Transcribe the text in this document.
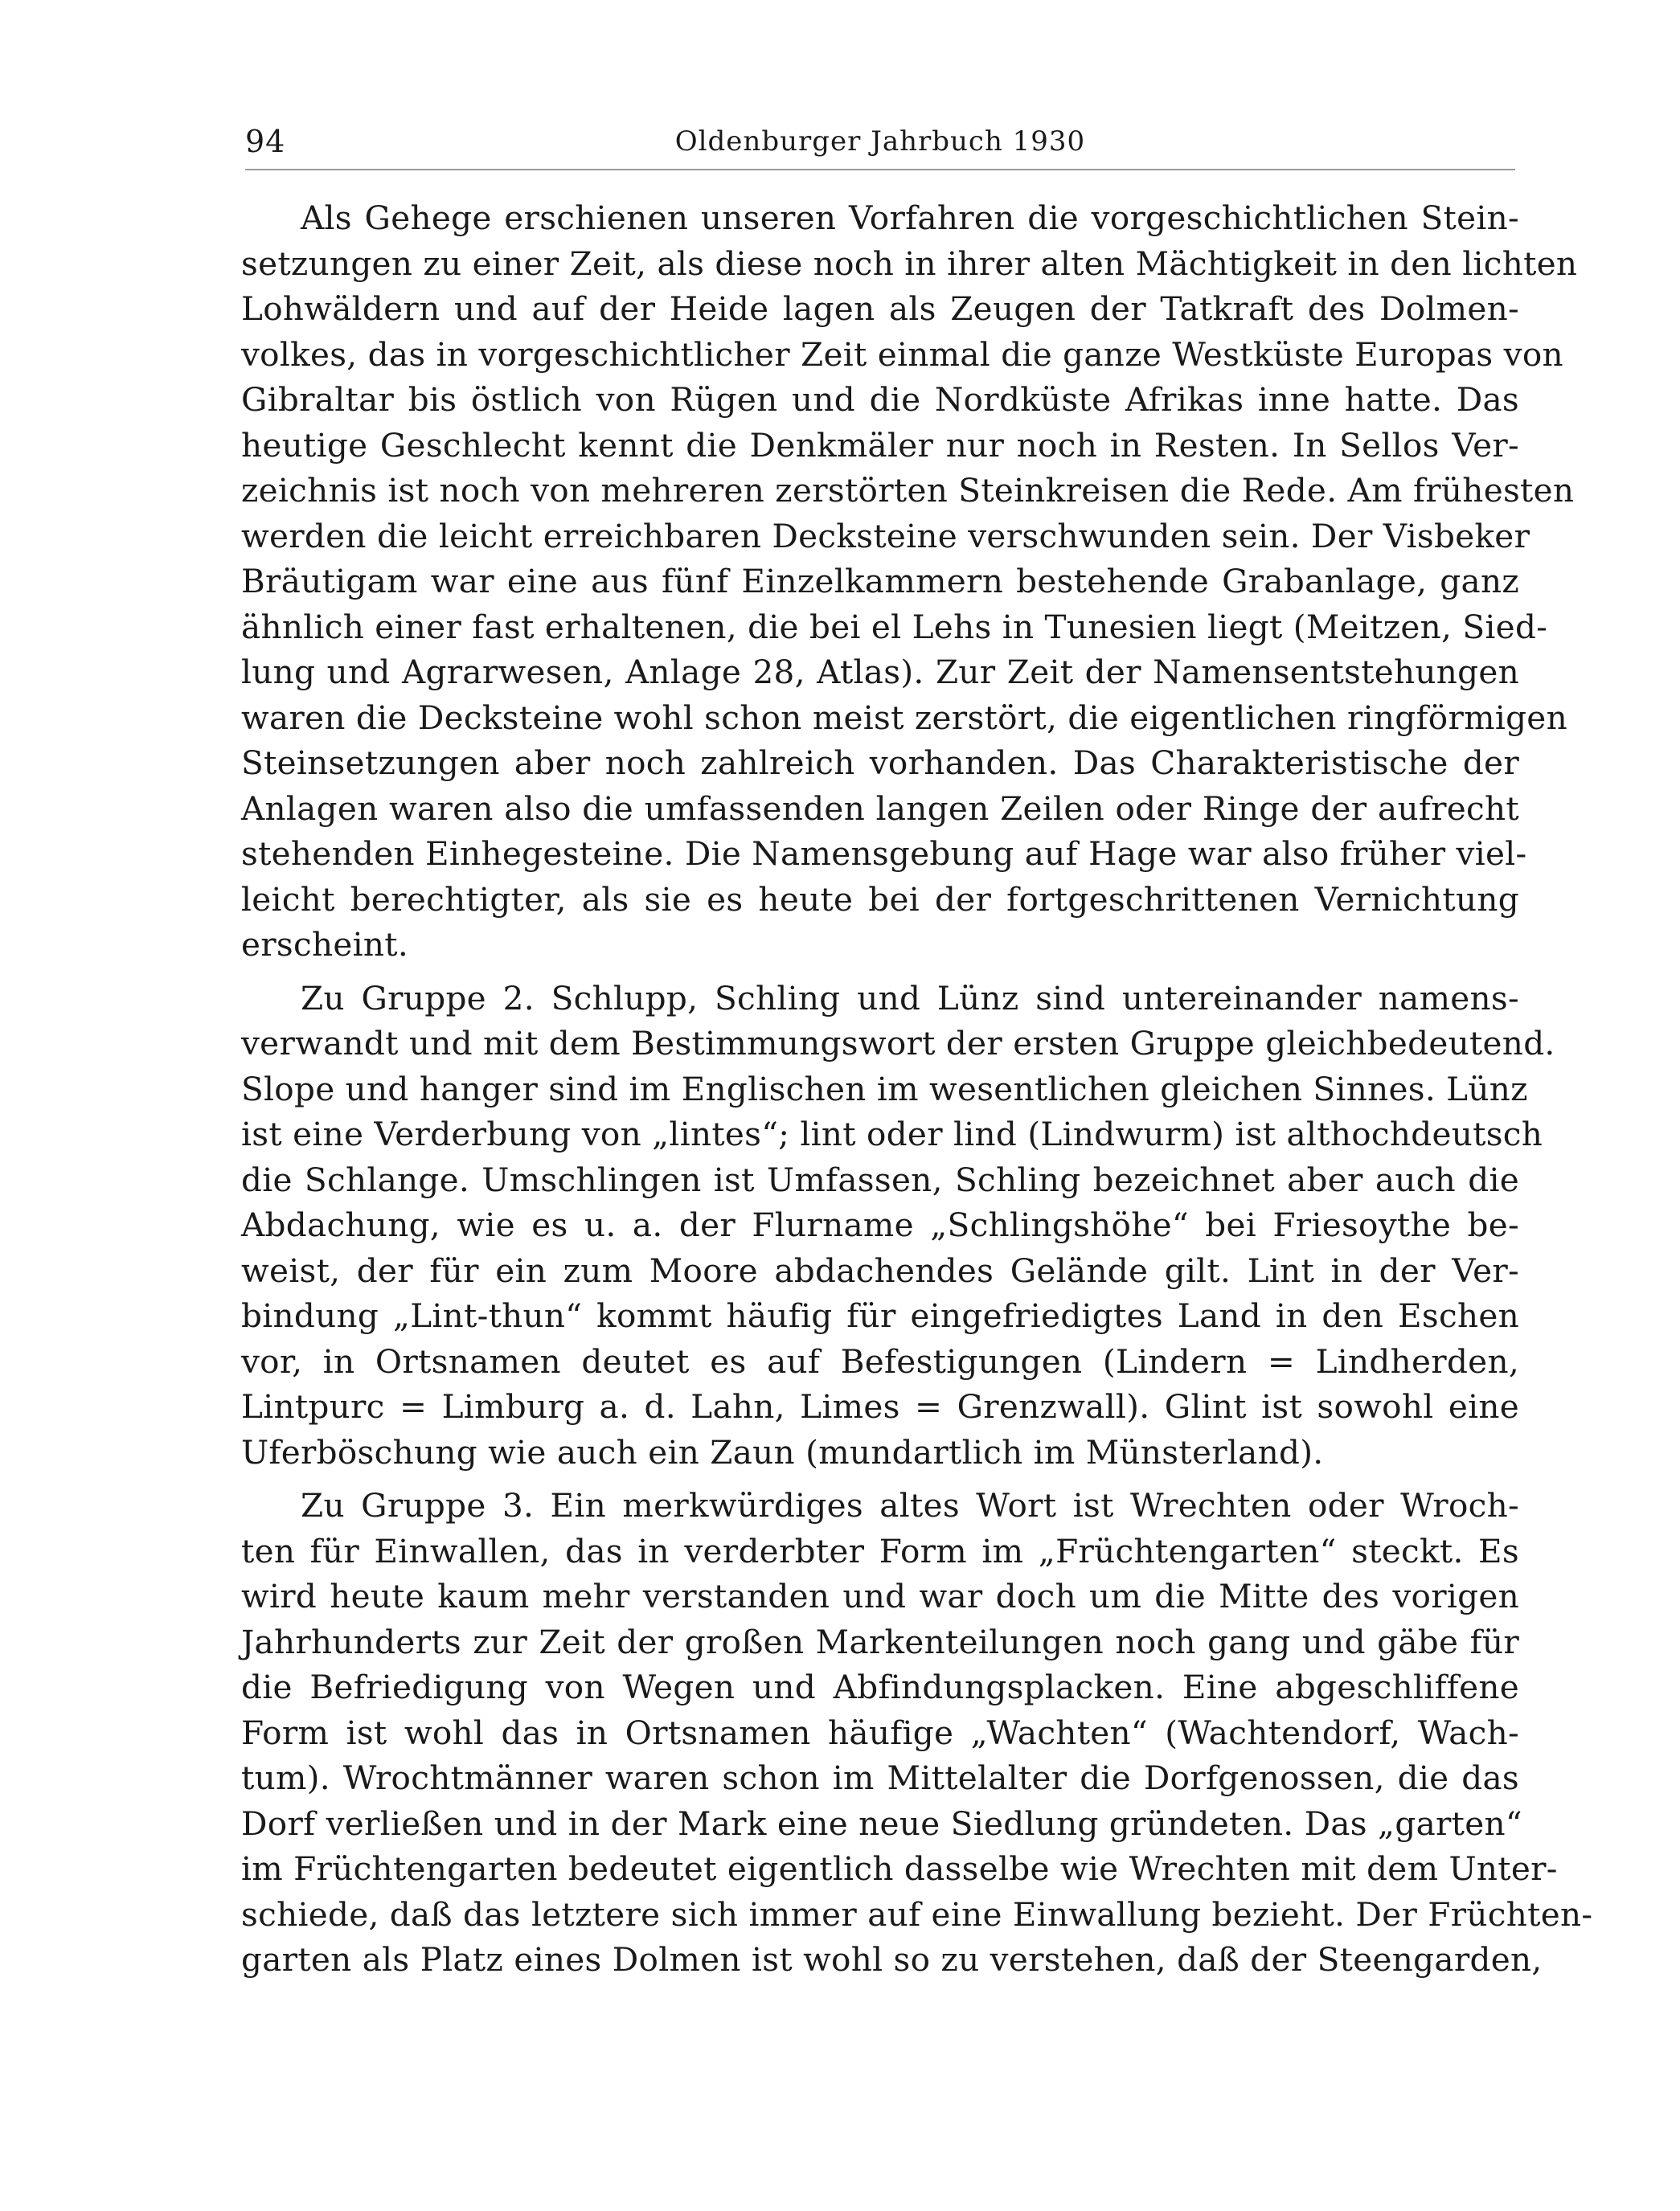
94	Oldenburger Jahrbuch 1930
Als Gehege erschienen unseren Vorfahren die vorgeschichtlichen Stein-
setzungen zu einer Zeit, als diese noch in ihrer alten Mächtigkeit in den lichten
Lohwäldern und auf der Heide lagen als Zeugen der Tatkraft des Dolmen-
volkes, das in vorgeschichtlicher Zeit einmal die ganze Westküste Europas von
Gibraltar bis östlich von Rügen und die Nordküste Afrikas inne hatte. Das
heutige Geschlecht kennt die Denkmäler nur noch in Resten. In Sellos Ver-
zeichnis ist noch von mehreren zerstörten Steinkreisen die Rede. Am frühesten
werden die leicht erreichbaren Decksteine verschwunden sein. Der Visbeker
Bräutigam war eine aus fünf Einzelkammern bestehende Grabanlage, ganz
ähnlich einer fast erhaltenen, die bei el Lehs in Tunesien liegt (Meitzen, Sied-
lung und Agrarwesen, Anlage 28, Atlas). Zur Zeit der Namensentstehungen
waren die Decksteine wohl schon meist zerstört, die eigentlichen ringförmigen
Steinsetzungen aber noch zahlreich vorhanden. Das Charakteristische der
Anlagen waren also die umfassenden langen Zeilen oder Ringe der aufrecht
stehenden Einhegesteine. Die Namensgebung auf Hage war also früher viel-
leicht berechtigter, als sie es heute bei der fortgeschrittenen Vernichtung
erscheint.
Zu Gruppe 2. Schlupp, Schling und Lünz sind untereinander namens-
verwandt und mit dem Bestimmungswort der ersten Gruppe gleichbedeutend.
Slope und hanger sind im Englischen im wesentlichen gleichen Sinnes. Lünz
ist eine Verderbung von „lintes“; lint oder lind (Lindwurm) ist althochdeutsch
die Schlange. Umschlingen ist Umfassen, Schling bezeichnet aber auch die
Abdachung, wie es u. a. der Flurname „Schlingshöhe“ bei Friesoythe be-
weist, der für ein zum Moore abdachendes Gelände gilt. Lint in der Ver-
bindung „Lint-thun“ kommt häufig für eingefriedigtes Land in den Eschen
vor, in Ortsnamen deutet es auf Befestigungen (Lindern = Lindherden,
Lintpurc = Limburg a. d. Lahn, Limes = Grenzwall). Glint ist sowohl eine
Uferböschung wie auch ein Zaun (mundartlich im Münsterland).
Zu Gruppe 3. Ein merkwürdiges altes Wort ist Wrechten oder Wroch-
ten für Einwallen, das in verderbter Form im „Früchtengarten“ steckt. Es
wird heute kaum mehr verstanden und war doch um die Mitte des vorigen
Jahrhunderts zur Zeit der großen Markenteilungen noch gang und gäbe für
die Befriedigung von Wegen und Abfindungsplacken. Eine abgeschliffene
Form ist wohl das in Ortsnamen häufige „Wachten“ (Wachtendorf, Wach-
tum). Wrochtmänner waren schon im Mittelalter die Dorfgenossen, die das
Dorf verließen und in der Mark eine neue Siedlung gründeten. Das „garten“
im Früchtengarten bedeutet eigentlich dasselbe wie Wrechten mit dem Unter-
schiede, daß das letztere sich immer auf eine Einwallung bezieht. Der Früchten-
garten als Platz eines Dolmen ist wohl so zu verstehen, daß der Steengarden,
